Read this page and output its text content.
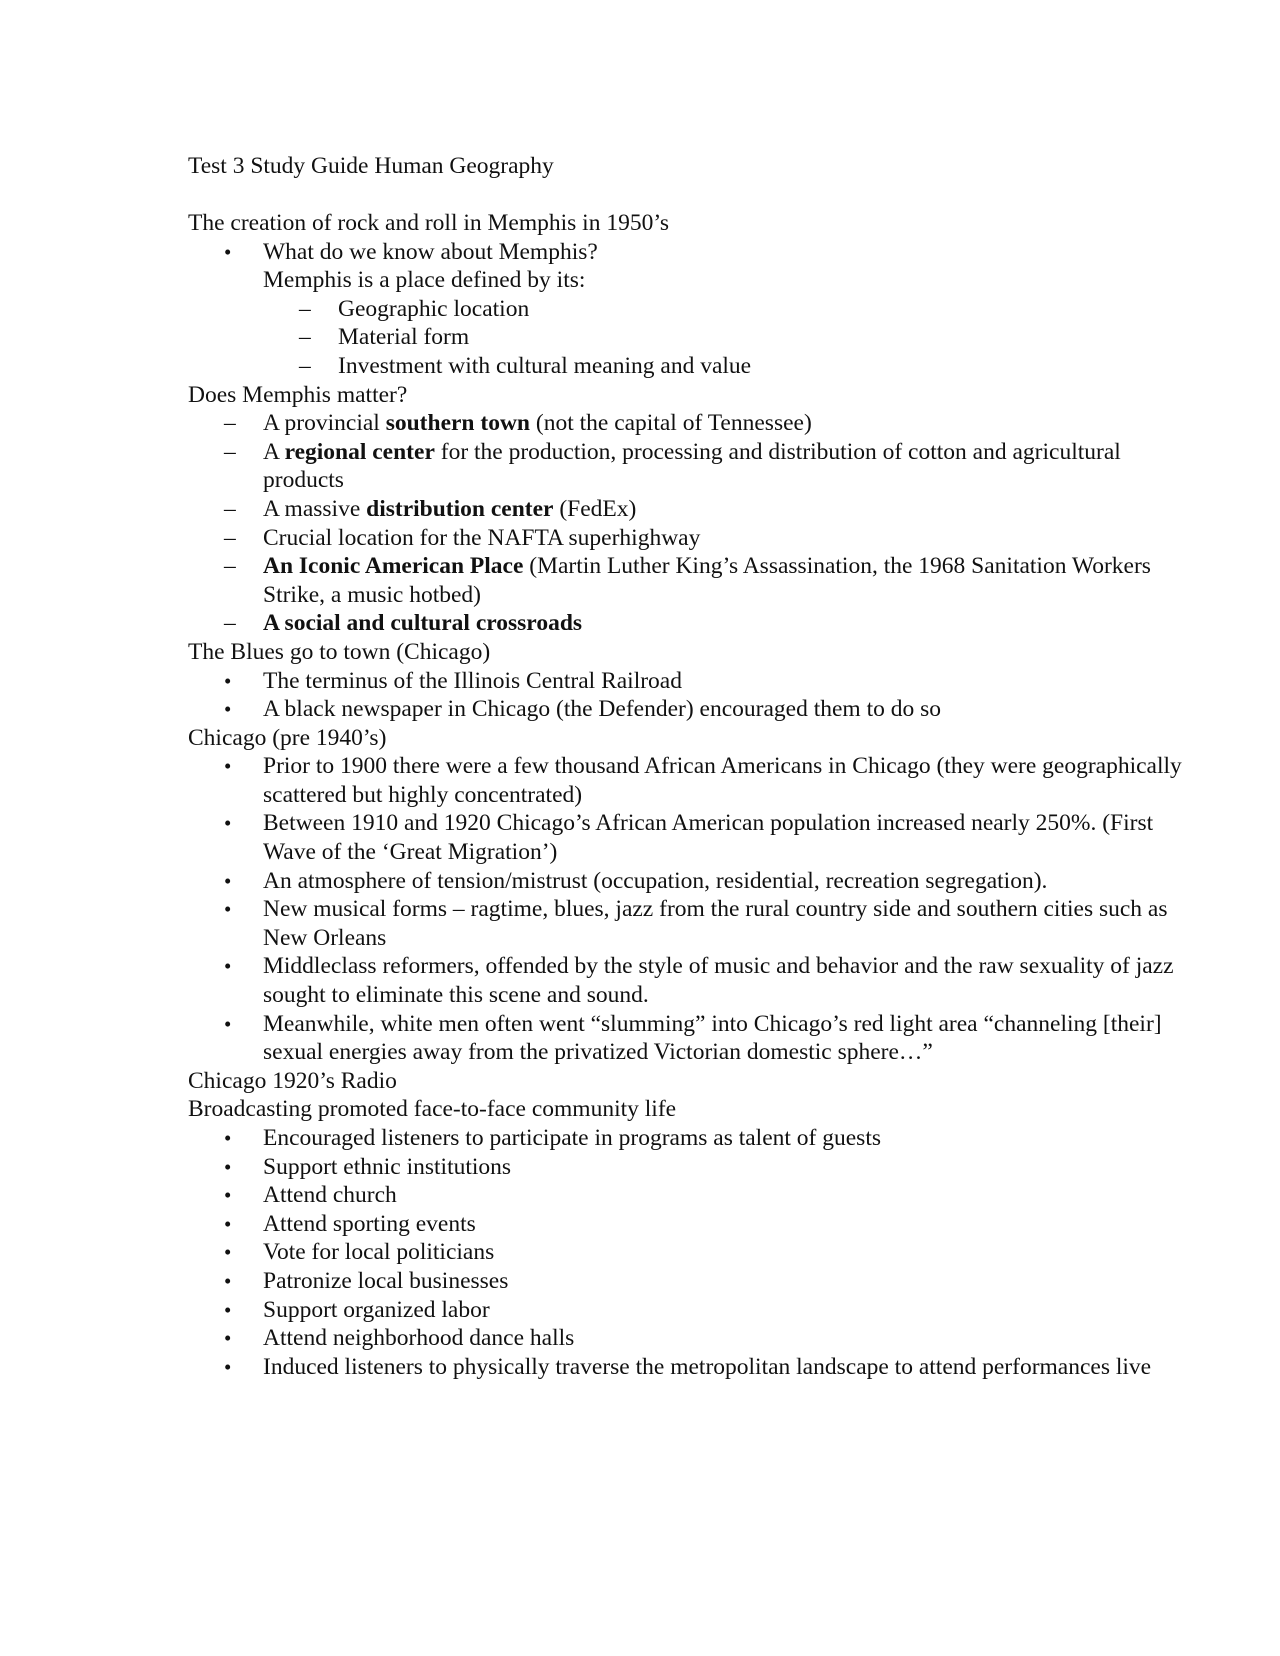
Test 3 Study Guide Human Geography
The creation of rock and roll in Memphis in 1950’s
• What do we know about Memphis?
Memphis is a place defined by its:
– Geographic location
– Material form
– Investment with cultural meaning and value
Does Memphis matter?
– A provincial southern town (not the capital of Tennessee)
– A regional center for the production, processing and distribution of cotton and agricultural products
– A massive distribution center (FedEx)
– Crucial location for the NAFTA superhighway
– An Iconic American Place (Martin Luther King’s Assassination, the 1968 Sanitation Workers Strike, a music hotbed)
– A social and cultural crossroads
The Blues go to town (Chicago)
• The terminus of the Illinois Central Railroad
• A black newspaper in Chicago (the Defender) encouraged them to do so
Chicago (pre 1940’s)
• Prior to 1900 there were a few thousand African Americans in Chicago (they were geographically scattered but highly concentrated)
• Between 1910 and 1920 Chicago’s African American population increased nearly 250%. (First Wave of the ‘Great Migration’)
• An atmosphere of tension/mistrust (occupation, residential, recreation segregation).
• New musical forms – ragtime, blues, jazz from the rural country side and southern cities such as New Orleans
• Middleclass reformers, offended by the style of music and behavior and the raw sexuality of jazz sought to eliminate this scene and sound.
• Meanwhile, white men often went “slumming” into Chicago’s red light area “channeling [their] sexual energies away from the privatized Victorian domestic sphere…”
Chicago 1920’s Radio
Broadcasting promoted face-to-face community life
• Encouraged listeners to participate in programs as talent of guests
• Support ethnic institutions
• Attend church
• Attend sporting events
• Vote for local politicians
• Patronize local businesses
• Support organized labor
• Attend neighborhood dance halls
• Induced listeners to physically traverse the metropolitan landscape to attend performances live
